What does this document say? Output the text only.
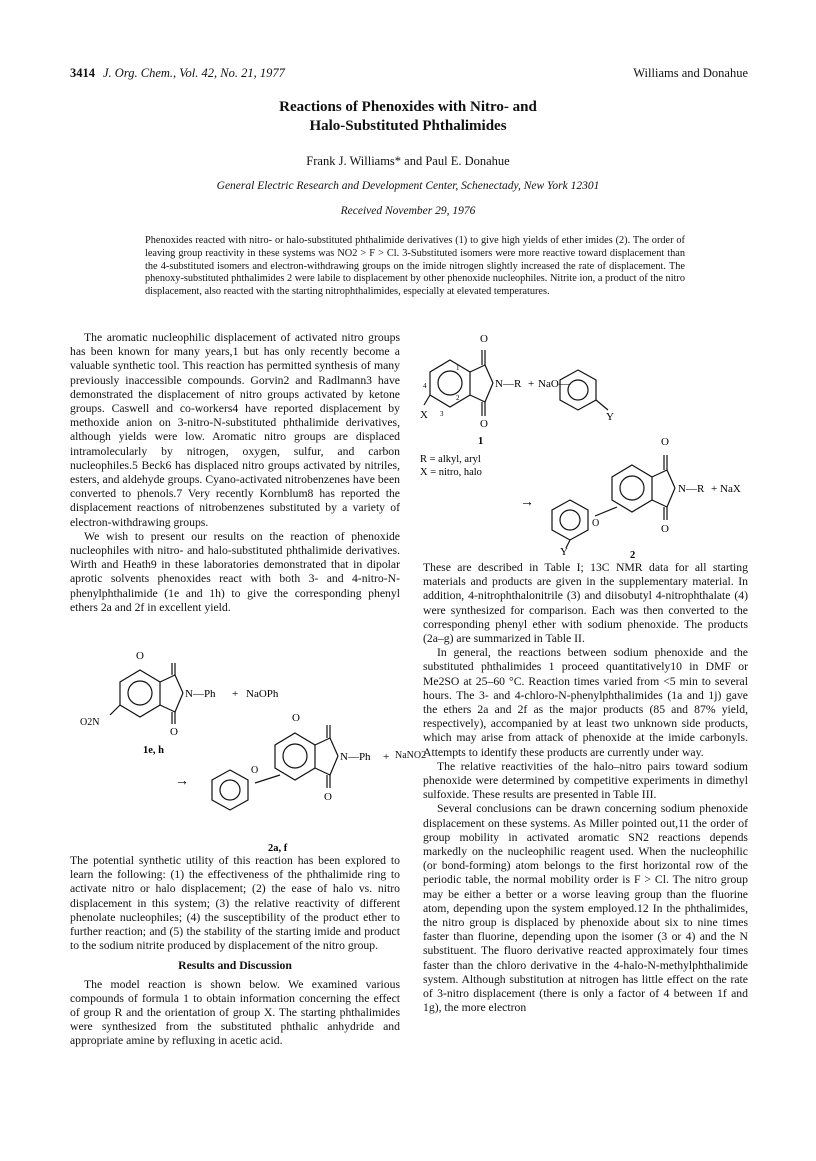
3414 J. Org. Chem., Vol. 42, No. 21, 1977	Williams and Donahue
Reactions of Phenoxides with Nitro- and
Halo-Substituted Phthalimides
Frank J. Williams* and Paul E. Donahue
General Electric Research and Development Center, Schenectady, New York 12301
Received November 29, 1976
Phenoxides reacted with nitro- or halo-substituted phthalimide derivatives (1) to give high yields of ether imides (2). The order of leaving group reactivity in these systems was NO2 > F > Cl. 3-Substituted isomers were more reactive toward displacement than the 4-substituted isomers and electron-withdrawing groups on the imide nitrogen slightly increased the rate of displacement. The phenoxy-substituted phthalimides 2 were labile to displacement by other phenoxide nucleophiles. Nitrite ion, a product of the nitro displacement, also reacted with the starting nitrophthalimides, especially at elevated temperatures.

The aromatic nucleophilic displacement of activated nitro groups has been known for many years,1 but has only recently become a valuable synthetic tool. This reaction has permitted synthesis of many previously inaccessible compounds. Gorvin2 and Radlmann3 have demonstrated the displacement of nitro groups activated by ketone groups. Caswell and co-workers4 have reported displacement by methoxide anion on 3-nitro-N-substituted phthalimide derivatives, although yields were low. Aromatic nitro groups are displaced intramolecularly by nitrogen, oxygen, sulfur, and carbon nucleophiles.5 Beck6 has displaced nitro groups activated by nitriles, esters, and aldehyde groups. Cyano-activated nitrobenzenes have been converted to phenols.7 Very recently Kornblum8 has reported the displacement reactions of nitrobenzenes substituted by a variety of electron-withdrawing groups.

We wish to present our results on the reaction of phenoxide nucleophiles with nitro- and halo-substituted phthalimide derivatives. Wirth and Heath9 in these laboratories demonstrated that in dipolar aprotic solvents phenoxides react with both 3- and 4-nitro-N-phenylphthalimide (1e and 1h) to give the corresponding phenyl ethers 2a and 2f in excellent yield.

O
N—Ph + NaOPh
O2N
O
1e, h
→
O
N—Ph +
O
O
2a, f
NaNO2

The potential synthetic utility of this reaction has been explored to learn the following: (1) the effectiveness of the phthalimide ring to activate nitro or halo displacement; (2) the ease of halo vs. nitro displacement in this system; (3) the relative reactivity of different phenolate nucleophiles; (4) the susceptibility of the product ether to further reaction; and (5) the stability of the starting imide and product to the sodium nitrite produced by displacement of the nitro group.

Results and Discussion

The model reaction is shown below. We examined various compounds of formula 1 to obtain information concerning the effect of group R and the orientation of group X. The starting phthalimides were synthesized from the substituted phthalic anhydride and appropriate amine by refluxing in acetic acid.

O
N—R + NaO—
Y
X
O
4
3
2
1
1
R = alkyl, aryl
X = nitro, halo
→
O
N—R + NaX
O
Y
O
2

These are described in Table I; 13C NMR data for all starting materials and products are given in the supplementary material. In addition, 4-nitrophthalonitrile (3) and diisobutyl 4-nitrophthalate (4) were synthesized for comparison. Each was then converted to the corresponding phenyl ether with sodium phenoxide. The products (2a–g) are summarized in Table II.

In general, the reactions between sodium phenoxide and the substituted phthalimides 1 proceed quantitatively10 in DMF or Me2SO at 25–60 °C. Reaction times varied from <5 min to several hours. The 3- and 4-chloro-N-phenylphthalimides (1a and 1j) gave the ethers 2a and 2f as the major products (85 and 87% yield, respectively), accompanied by at least two unknown side products, which may arise from attack of phenoxide at the imide carbonyls. Attempts to identify these products are currently under way.

The relative reactivities of the halo–nitro pairs toward sodium phenoxide were determined by competitive experiments in dimethyl sulfoxide. These results are presented in Table III.

Several conclusions can be drawn concerning sodium phenoxide displacement on these systems. As Miller pointed out,11 the order of group mobility in activated aromatic SN2 reactions depends markedly on the nucleophilic reagent used. When the nucleophilic (or bond-forming) atom belongs to the first horizontal row of the periodic table, the normal mobility order is F > Cl. The nitro group may be either a better or a worse leaving group than the fluorine atom, depending upon the system employed.12 In the phthalimides, the nitro group is displaced by phenoxide about six to nine times faster than fluorine, depending upon the isomer (3 or 4) and the N substituent. The fluoro derivative reacted approximately four times faster than the chloro derivative in the 4-halo-N-methylphthalimide system. Although substitution at nitrogen has little effect on the rate of 3-nitro displacement (there is only a factor of 4 between 1f and 1g), the more electron
